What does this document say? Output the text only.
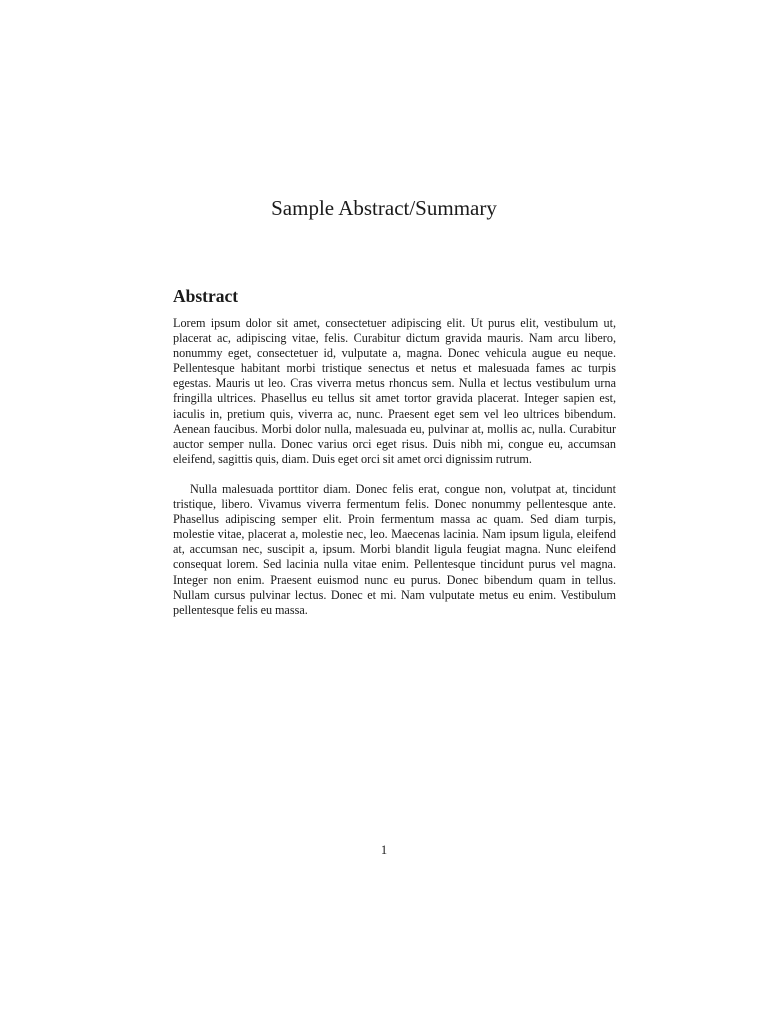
Sample Abstract/Summary
Abstract

Lorem ipsum dolor sit amet, consectetuer adipiscing elit. Ut purus elit, vestibulum ut, placerat ac, adipiscing vitae, felis. Curabitur dictum gravida mauris. Nam arcu libero, nonummy eget, consectetuer id, vulputate a, magna. Donec vehicula augue eu neque. Pellentesque habitant morbi tristique senectus et netus et malesuada fames ac turpis egestas. Mauris ut leo. Cras viverra metus rhoncus sem. Nulla et lectus vestibulum urna fringilla ultrices. Phasellus eu tellus sit amet tortor gravida placerat. Integer sapien est, iaculis in, pretium quis, viverra ac, nunc. Praesent eget sem vel leo ultrices bibendum. Aenean faucibus. Morbi dolor nulla, malesuada eu, pulvinar at, mollis ac, nulla. Curabitur auctor semper nulla. Donec varius orci eget risus. Duis nibh mi, congue eu, accumsan eleifend, sagittis quis, diam. Duis eget orci sit amet orci dignissim rutrum.

Nulla malesuada porttitor diam. Donec felis erat, congue non, volutpat at, tincidunt tristique, libero. Vivamus viverra fermentum felis. Donec nonummy pellentesque ante. Phasellus adipiscing semper elit. Proin fermentum massa ac quam. Sed diam turpis, molestie vitae, placerat a, molestie nec, leo. Maecenas lacinia. Nam ipsum ligula, eleifend at, accumsan nec, suscipit a, ipsum. Morbi blandit ligula feugiat magna. Nunc eleifend consequat lorem. Sed lacinia nulla vitae enim. Pellentesque tincidunt purus vel magna. Integer non enim. Praesent euismod nunc eu purus. Donec bibendum quam in tellus. Nullam cursus pulvinar lectus. Donec et mi. Nam vulputate metus eu enim. Vestibulum pellentesque felis eu massa.

1
